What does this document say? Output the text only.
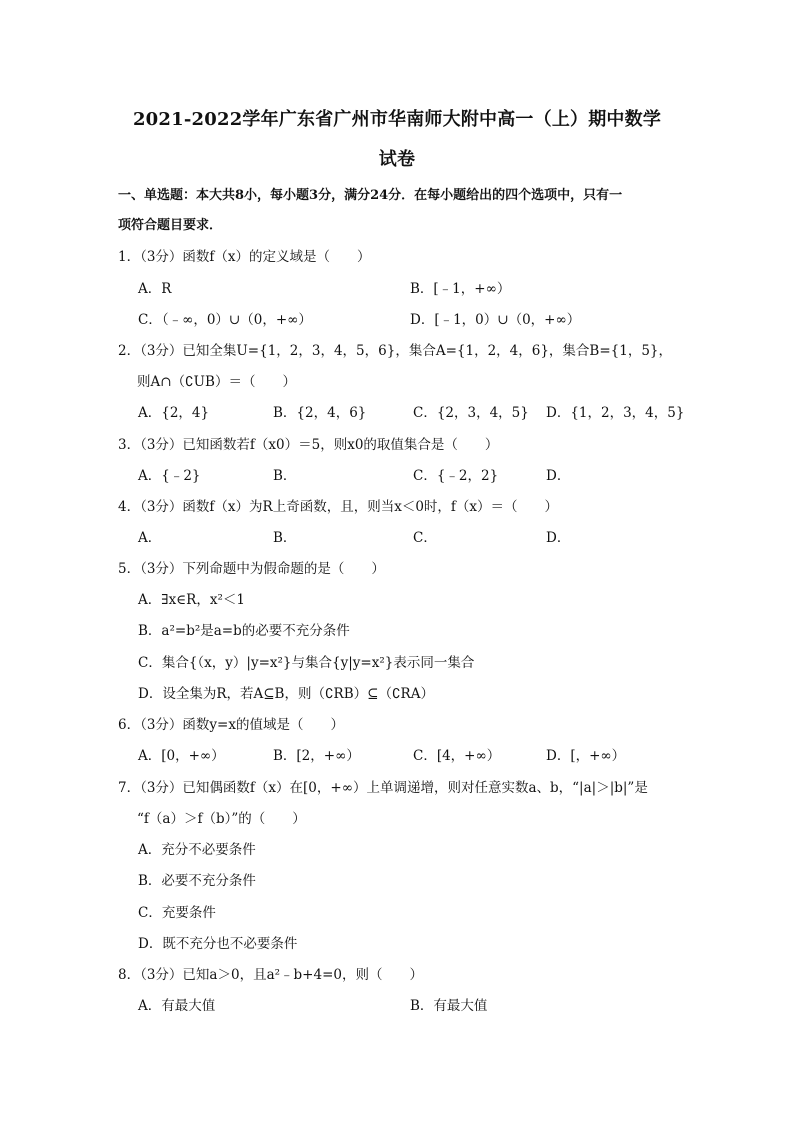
2021-2022学年广东省广州市华南师大附中高一（上）期中数学
试卷
一、单选题：本大共8小，每小题3分，满分24分．在每小题给出的四个选项中，只有一
项符合题目要求．
1．（3分）函数f（x）的定义域是（　　）
A．R	B．[﹣1，+∞）
C．（﹣∞，0）∪（0，+∞）	D．[﹣1，0）∪（0，+∞）
2．（3分）已知全集U={1，2，3，4，5，6}，集合A={1，2，4，6}，集合B={1，5}，
则A∩（∁UB）＝（　　）
A．{2，4}	B．{2，4，6}	C．{2，3，4，5} D．{1，2，3，4，5}
3．（3分）已知函数若f（x0）＝5，则x0的取值集合是（　　）
A．{﹣2}	B．	C．{﹣2，2}	D．
4．（3分）函数f（x）为R上奇函数，且，则当x＜0时，f（x）＝（　　）
A．	B．	C．	D．
5．（3分）下列命题中为假命题的是（　　）
A．∃x∈R，x²＜1
B．a²=b²是a=b的必要不充分条件
C．集合{（x，y）|y=x²}与集合{y|y=x²}表示同一集合
D．设全集为R，若A⊆B，则（∁RB）⊆（∁RA）
6．（3分）函数y=x的值域是（　　）
A．[0，+∞）	B．[2，+∞）	C．[4，+∞）	D．[，+∞）
7．（3分）已知偶函数f（x）在[0，+∞）上单调递增，则对任意实数a、b，“|a|＞|b|”是
“f（a）＞f（b）”的（　　）
A．充分不必要条件
B．必要不充分条件
C．充要条件
D．既不充分也不必要条件
8．（3分）已知a＞0，且a²﹣b+4=0，则（　　）
A．有最大值	B．有最大值
